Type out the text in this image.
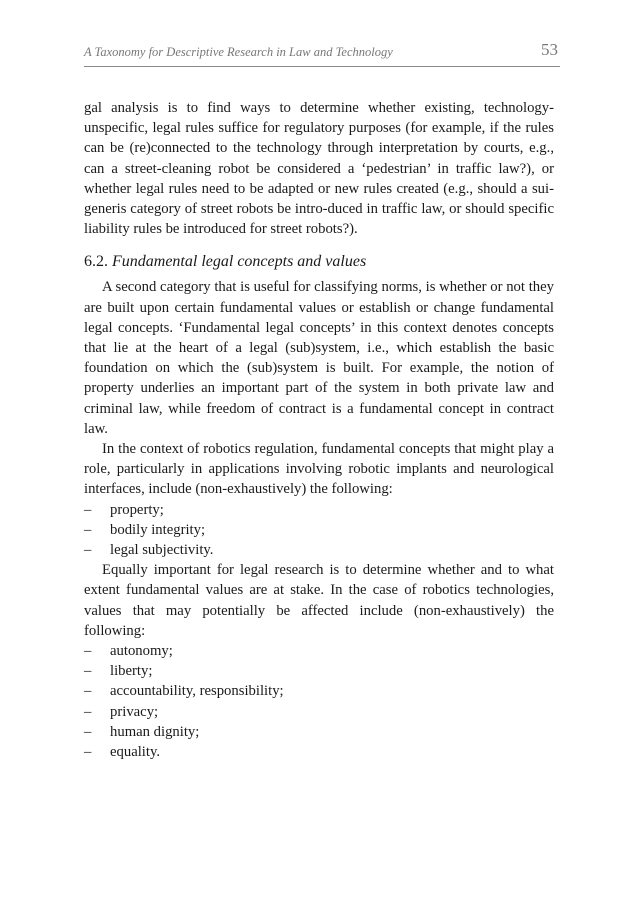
A Taxonomy for Descriptive Research in Law and Technology	53

gal analysis is to find ways to determine whether existing, technology-unspecific, legal rules suffice for regulatory purposes (for example, if the rules can be (re)connected to the technology through interpretation by courts, e.g., can a street-cleaning robot be considered a ‘pedestrian’ in traffic law?), or whether legal rules need to be adapted or new rules created (e.g., should a sui-generis category of street robots be intro-duced in traffic law, or should specific liability rules be introduced for street robots?).

6.2. Fundamental legal concepts and values

A second category that is useful for classifying norms, is whether or not they are built upon certain fundamental values or establish or change fundamental legal concepts. ‘Fundamental legal concepts’ in this context denotes concepts that lie at the heart of a legal (sub)system, i.e., which establish the basic foundation on which the (sub)system is built. For example, the notion of property underlies an important part of the system in both private law and criminal law, while freedom of contract is a fundamental concept in contract law.

In the context of robotics regulation, fundamental concepts that might play a role, particularly in applications involving robotic implants and neurological interfaces, include (non-exhaustively) the following:

– property;
– bodily integrity;
– legal subjectivity.

Equally important for legal research is to determine whether and to what extent fundamental values are at stake. In the case of robotics technologies, values that may potentially be affected include (non-exhaustively) the following:

– autonomy;
– liberty;
– accountability, responsibility;
– privacy;
– human dignity;
– equality.
